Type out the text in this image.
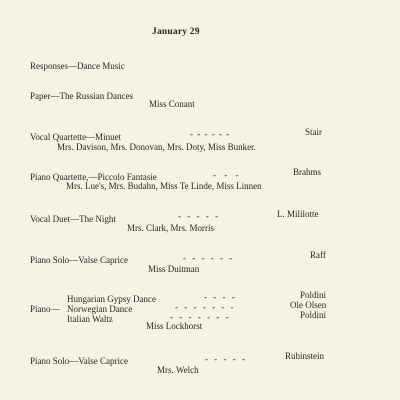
January 29
Responses—Dance Music
Paper—The Russian Dances
Miss Conant
Vocal Quartette—Minuet	- - - - - -	Stair
Mrs. Davison, Mrs. Donovan, Mrs. Doty, Miss Bunker.
Piano Quartette,—Piccolo Fantasie	- - -	Brahms
Mrs. Lue's, Mrs. Budahn, Miss Te Linde, Miss Linnen
Vocal Duet—The Night	- - - - -	L. Mililotte
Mrs. Clark, Mrs. Morris
Piano Solo—Valse Caprice	- - - - - -	Raff
Miss Duitman
Piano—
Hungarian Gypsy Dance	- - - -	Poldini
Norwegian Dance	- - - - - - -	Ole Olsen
Italian Waltz	- - - - - - -	Poldini
Miss Lockhorst
Piano Solo—Valse Caprice	- - - - -	Rubinstein
Mrs. Welch
